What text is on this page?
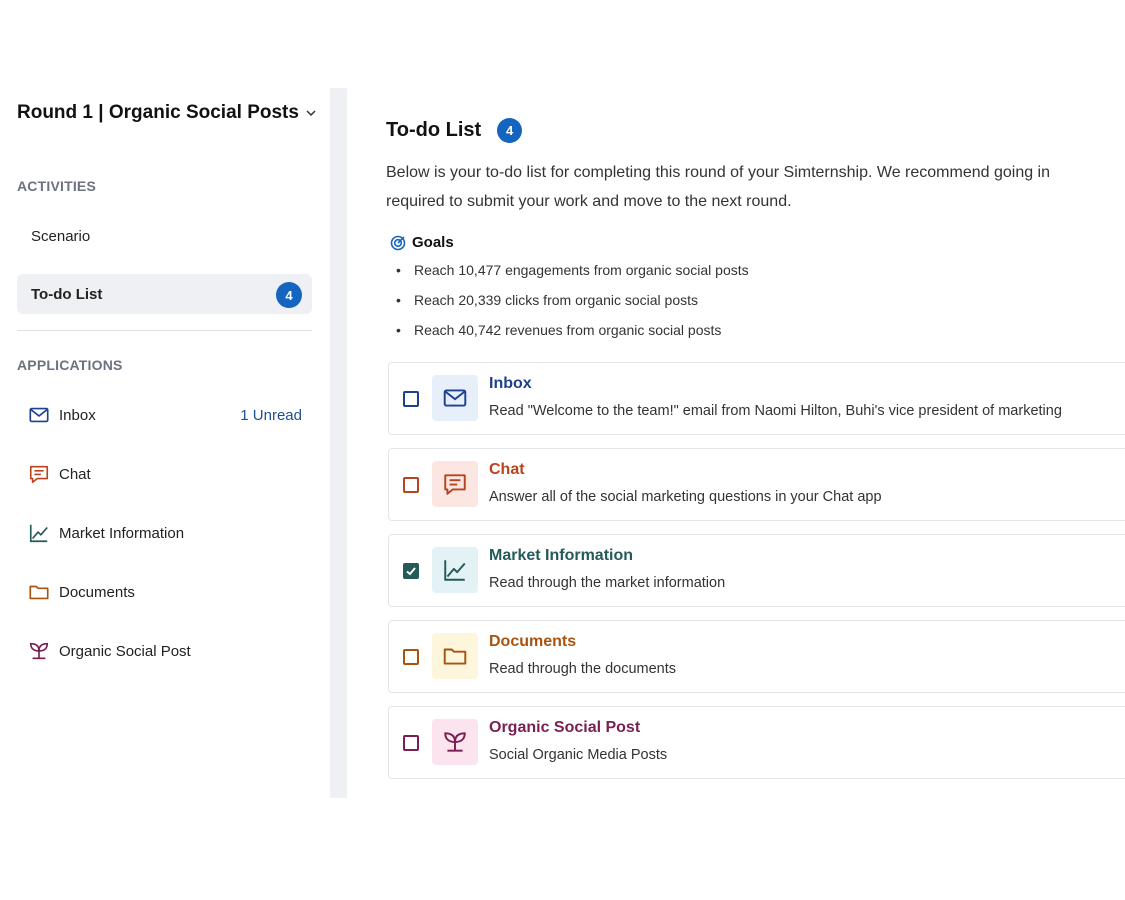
Round 1 | Organic Social Posts
ACTIVITIES
Scenario
To-do List	4
APPLICATIONS
Inbox	1 Unread
Chat
Market Information
Documents
Organic Social Post
To-do List	4
Below is your to-do list for completing this round of your Simternship. We recommend going in
required to submit your work and move to the next round.
Goals
• Reach 10,477 engagements from organic social posts
• Reach 20,339 clicks from organic social posts
• Reach 40,742 revenues from organic social posts
Inbox
Read "Welcome to the team!" email from Naomi Hilton, Buhi's vice president of marketing
Chat
Answer all of the social marketing questions in your Chat app
Market Information
Read through the market information
Documents
Read through the documents
Organic Social Post
Social Organic Media Posts
